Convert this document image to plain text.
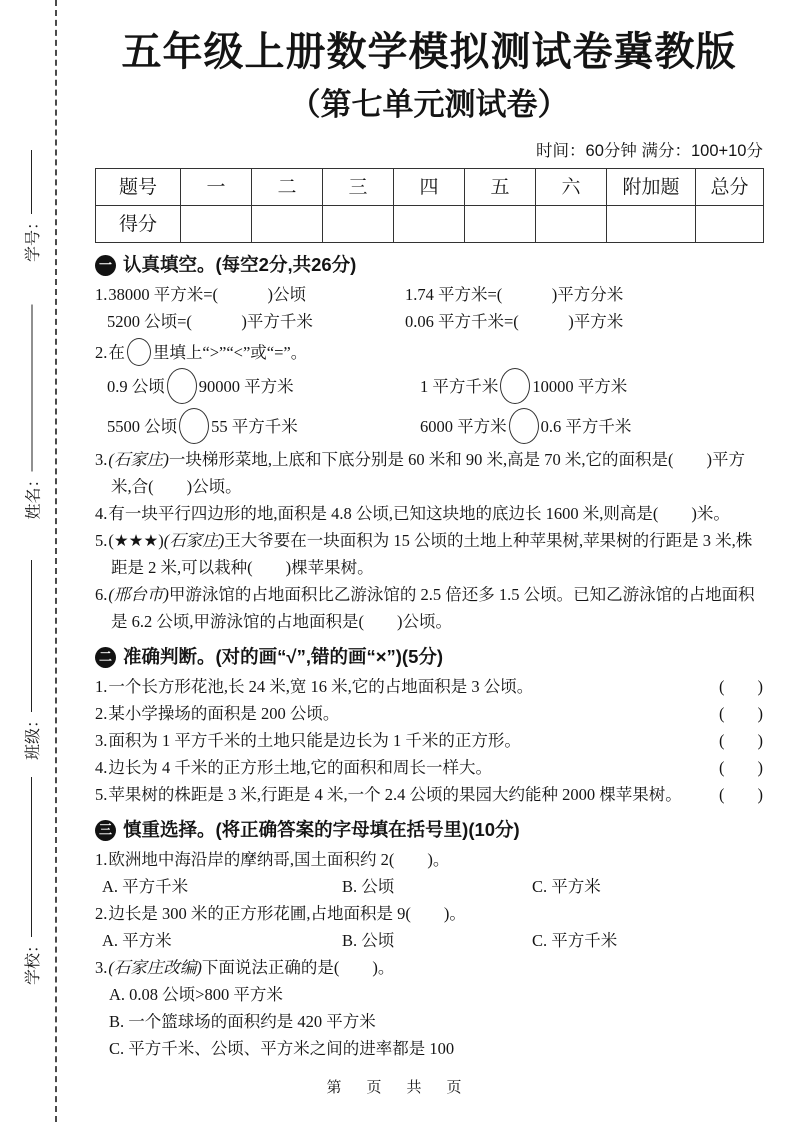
学号：
姓名：
班级：
学校：
五年级上册数学模拟测试卷冀教版
（第七单元测试卷）
时间：60分钟 满分：100+10分
题号	一	二	三	四	五	六	附加题	总分
得分								
一 认真填空。(每空2分,共26分)
1.38000 平方米=(　　　)公顷	1.74 平方米=(　　　)平方分米
5200 公顷=(　　　)平方千米	0.06 平方千米=(　　　)平方米
2.在 里填上“>”“<”或“=”。
0.9 公顷 90000 平方米	1 平方千米 10000 平方米
5500 公顷 55 平方千米	6000 平方米 0.6 平方千米
3.(石家庄)一块梯形菜地,上底和下底分别是 60 米和 90 米,高是 70 米,它的面积是(　　)平方米,合(　　)公顷。
4.有一块平行四边形的地,面积是 4.8 公顷,已知这块地的底边长 1600 米,则高是(　　)米。
5.(★★★)(石家庄)王大爷要在一块面积为 15 公顷的土地上种苹果树,苹果树的行距是 3 米,株距是 2 米,可以栽种(　　)棵苹果树。
6.(邢台市)甲游泳馆的占地面积比乙游泳馆的 2.5 倍还多 1.5 公顷。已知乙游泳馆的占地面积是 6.2 公顷,甲游泳馆的占地面积是(　　)公顷。
二 准确判断。(对的画“√”,错的画“×”)(5分)
1.一个长方形花池,长 24 米,宽 16 米,它的占地面积是 3 公顷。	(　　)
2.某小学操场的面积是 200 公顷。	(　　)
3.面积为 1 平方千米的土地只能是边长为 1 千米的正方形。	(　　)
4.边长为 4 千米的正方形土地,它的面积和周长一样大。	(　　)
5.苹果树的株距是 3 米,行距是 4 米,一个 2.4 公顷的果园大约能种 2000 棵苹果树。	(　　)
三 慎重选择。(将正确答案的字母填在括号里)(10分)
1.欧洲地中海沿岸的摩纳哥,国土面积约 2(　　)。
A. 平方千米	B. 公顷	C. 平方米
2.边长是 300 米的正方形花圃,占地面积是 9(　　)。
A. 平方米	B. 公顷	C. 平方千米
3.(石家庄改编)下面说法正确的是(　　)。
A. 0.08 公顷>800 平方米
B. 一个篮球场的面积约是 420 平方米
C. 平方千米、公顷、平方米之间的进率都是 100
第　页　共　页
